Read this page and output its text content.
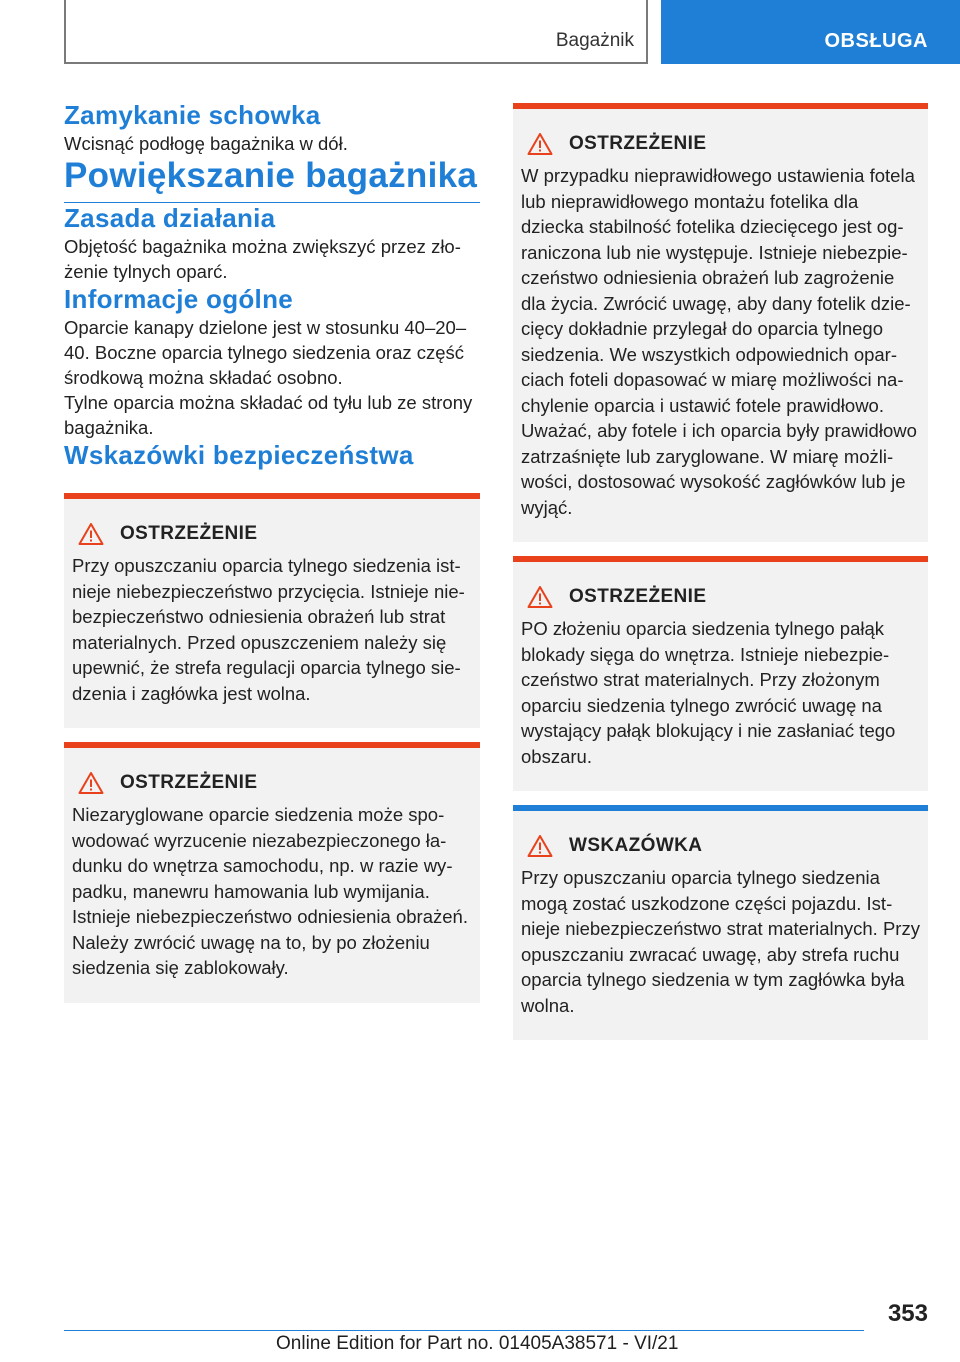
Bagażnik	OBSŁUGA
Zamykanie schowka

Wcisnąć podłogę bagażnika w dół.

Powiększanie bagażnika
Zasada działania

Objętość bagażnika można zwiększyć przez złożenie tylnych oparć.

Informacje ogólne

Oparcie kanapy dzielone jest w stosunku 40–20–40. Boczne oparcia tylnego siedzenia oraz część środkową można składać osobno.

Tylne oparcia można składać od tyłu lub ze strony bagażnika.

Wskazówki bezpieczeństwa
OSTRZEŻENIE

Przy opuszczaniu oparcia tylnego siedzenia istnieje niebezpieczeństwo przycięcia. Istnieje niebezpieczeństwo odniesienia obrażeń lub strat materialnych. Przed opuszczeniem należy się upewnić, że strefa regulacji oparcia tylnego siedzenia i zagłówka jest wolna.

OSTRZEŻENIE

Niezaryglowane oparcie siedzenia może spowodować wyrzucenie niezabezpieczonego ładunku do wnętrza samochodu, np. w razie wypadku, manewru hamowania lub wymijania. Istnieje niebezpieczeństwo odniesienia obrażeń. Należy zwrócić uwagę na to, by po złożeniu siedzenia się zablokowały.

OSTRZEŻENIE

W przypadku nieprawidłowego ustawienia fotela lub nieprawidłowego montażu fotelika dla dziecka stabilność fotelika dziecięcego jest ograniczona lub nie występuje. Istnieje niebezpieczeństwo odniesienia obrażeń lub zagrożenie dla życia. Zwrócić uwagę, aby dany fotelik dziecięcy dokładnie przylegał do oparcia tylnego siedzenia. We wszystkich odpowiednich oparciach foteli dopasować w miarę możliwości nachylenie oparcia i ustawić fotele prawidłowo. Uważać, aby fotele i ich oparcia były prawidłowo zatrzaśnięte lub zaryglowane. W miarę możliwości, dostosować wysokość zagłówków lub je wyjąć.

OSTRZEŻENIE

PO złożeniu oparcia siedzenia tylnego pałąk blokady sięga do wnętrza. Istnieje niebezpieczeństwo strat materialnych. Przy złożonym oparciu siedzenia tylnego zwrócić uwagę na wystający pałąk blokujący i nie zasłaniać tego obszaru.

WSKAZÓWKA

Przy opuszczaniu oparcia tylnego siedzenia mogą zostać uszkodzone części pojazdu. Istnieje niebezpieczeństwo strat materialnych. Przy opuszczaniu zwracać uwagę, aby strefa ruchu oparcia tylnego siedzenia w tym zagłówka była wolna.

353
Online Edition for Part no. 01405A38571 - VI/21
